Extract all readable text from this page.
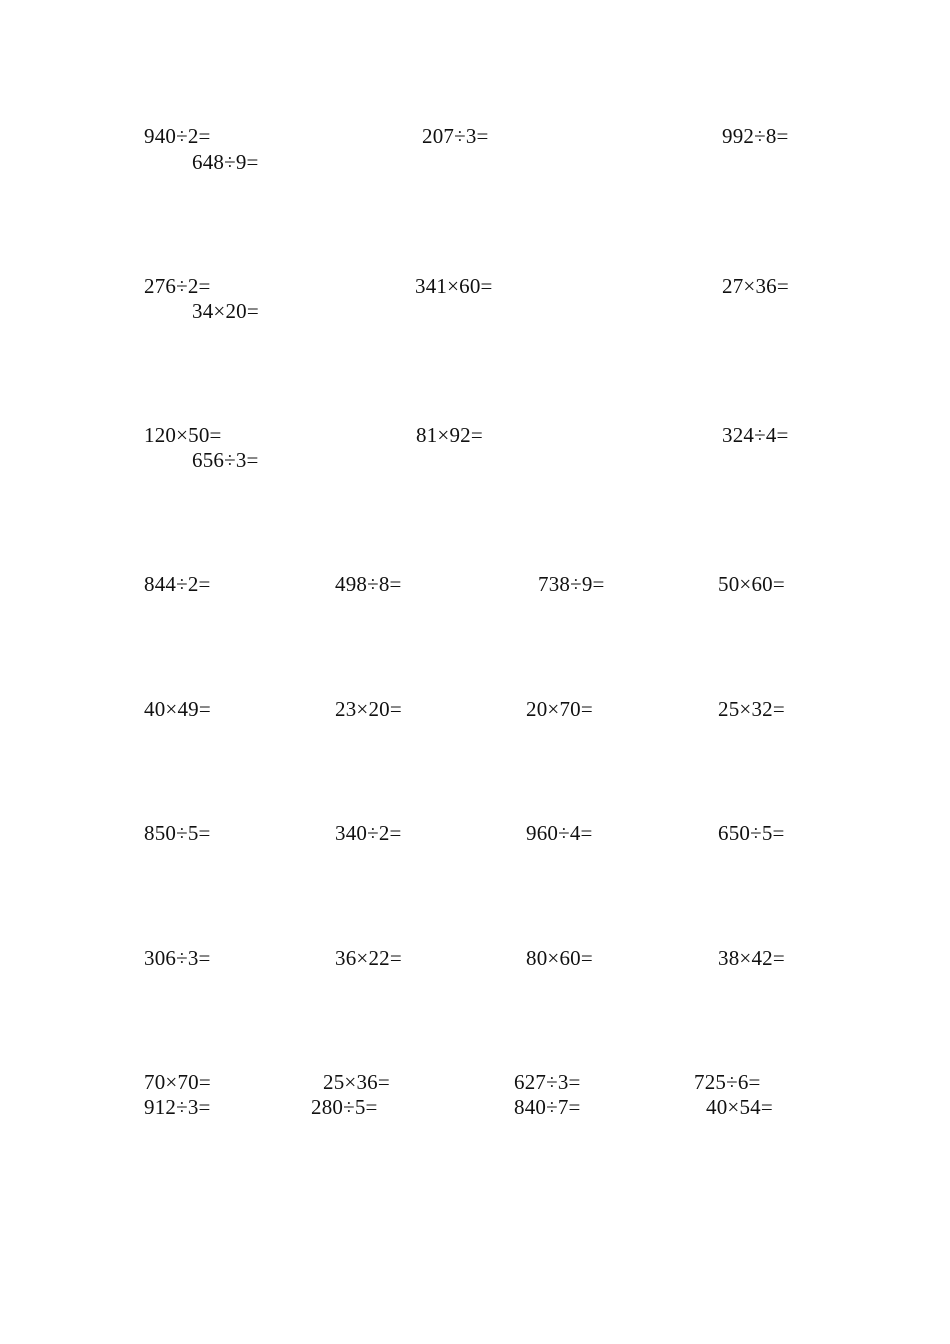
940÷2=	207÷3=	992÷8=
648÷9=
276÷2=	341×60=	27×36=
34×20=
120×50=	81×92=	324÷4=
656÷3=
844÷2=	498÷8=	738÷9=	50×60=
40×49=	23×20=	20×70=	25×32=
850÷5=	340÷2=	960÷4=	650÷5=
306÷3=	36×22=	80×60=	38×42=
70×70=	25×36=	627÷3=	725÷6=
912÷3=	280÷5=	840÷7=	40×54=
